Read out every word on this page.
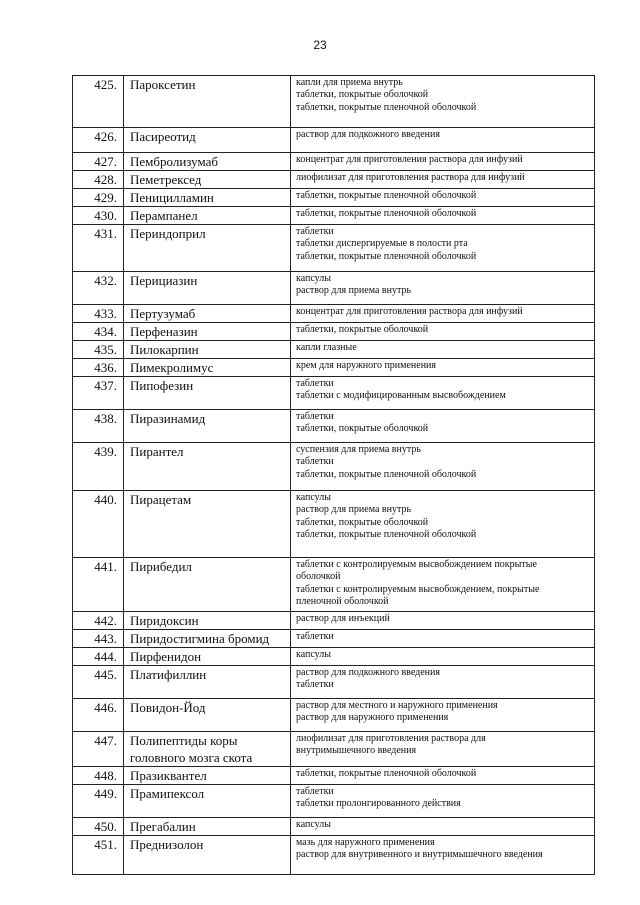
23
425.	Пароксетин	капли для приема внутрь
таблетки, покрытые оболочкой
таблетки, покрытые пленочной оболочкой

426.	Пасиреотид	раствор для подкожного введения

427.	Пембролизумаб	концентрат для приготовления раствора для инфузий

428.	Пеметрексед	лиофилизат для приготовления раствора для инфузий

429.	Пеницилламин	таблетки, покрытые пленочной оболочкой

430.	Перампанел	таблетки, покрытые пленочной оболочкой

431.	Периндоприл	таблетки
таблетки диспергируемые в полости рта
таблетки, покрытые пленочной оболочкой

432.	Перициазин	капсулы
раствор для приема внутрь

433.	Пертузумаб	концентрат для приготовления раствора для инфузий

434.	Перфеназин	таблетки, покрытые оболочкой

435.	Пилокарпин	капли глазные

436.	Пимекролимус	крем для наружного применения

437.	Пипофезин	таблетки
таблетки с модифицированным высвобождением

438.	Пиразинамид	таблетки
таблетки, покрытые оболочкой

439.	Пирантел	суспензия для приема внутрь
таблетки
таблетки, покрытые пленочной оболочкой

440.	Пирацетам	капсулы
раствор для приема внутрь
таблетки, покрытые оболочкой
таблетки, покрытые пленочной оболочкой

441.	Пирибедил	таблетки с контролируемым высвобождением покрытые
оболочкой
таблетки с контролируемым высвобождением, покрытые
пленочной оболочкой

442.	Пиридоксин	раствор для инъекций

443.	Пиридостигмина бромид	таблетки

444.	Пирфенидон	капсулы

445.	Платифиллин	раствор для подкожного введения
таблетки

446.	Повидон-Йод	раствор для местного и наружного применения
раствор для наружного применения

447.	Полипептиды коры головного мозга скота	лиофилизат для приготовления раствора для
внутримышечного введения

448.	Празиквантел	таблетки, покрытые пленочной оболочкой

449.	Прамипексол	таблетки
таблетки пролонгированного действия

450.	Прегабалин	капсулы

451.	Преднизолон	мазь для наружного применения
раствор для внутривенного и внутримышечного введения
